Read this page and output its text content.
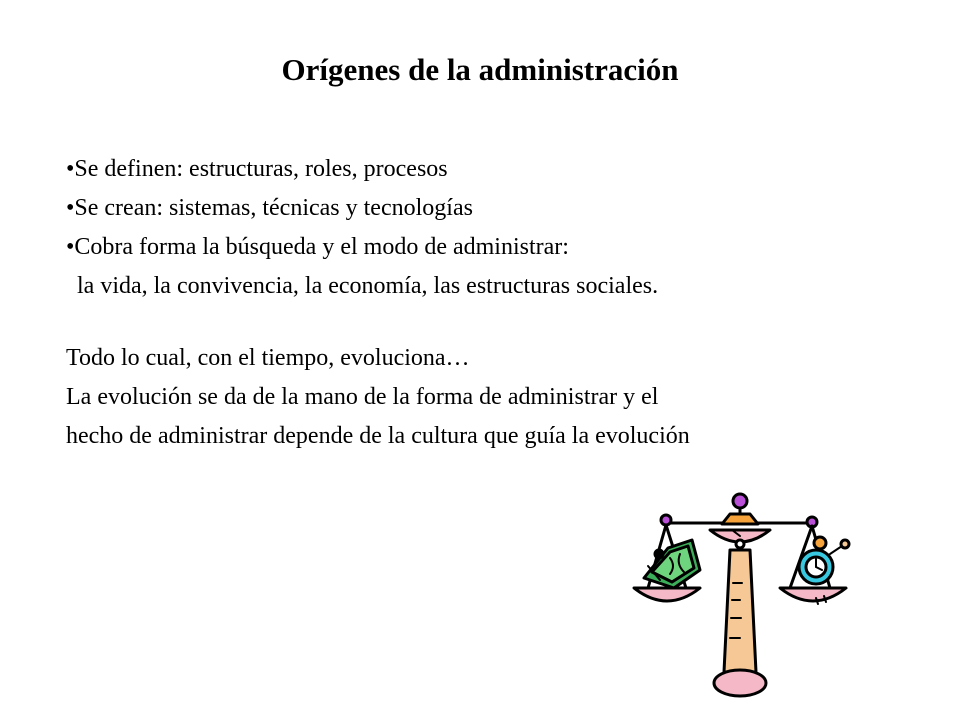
Orígenes de la administración
•Se definen: estructuras, roles, procesos
•Se crean: sistemas, técnicas y tecnologías
•Cobra forma la búsqueda y el modo de administrar:
la vida, la convivencia, la economía, las estructuras sociales.
Todo lo cual, con el tiempo, evoluciona…
La evolución se da de la mano de la forma de administrar y el
hecho de administrar depende de la cultura que guía la evolución
